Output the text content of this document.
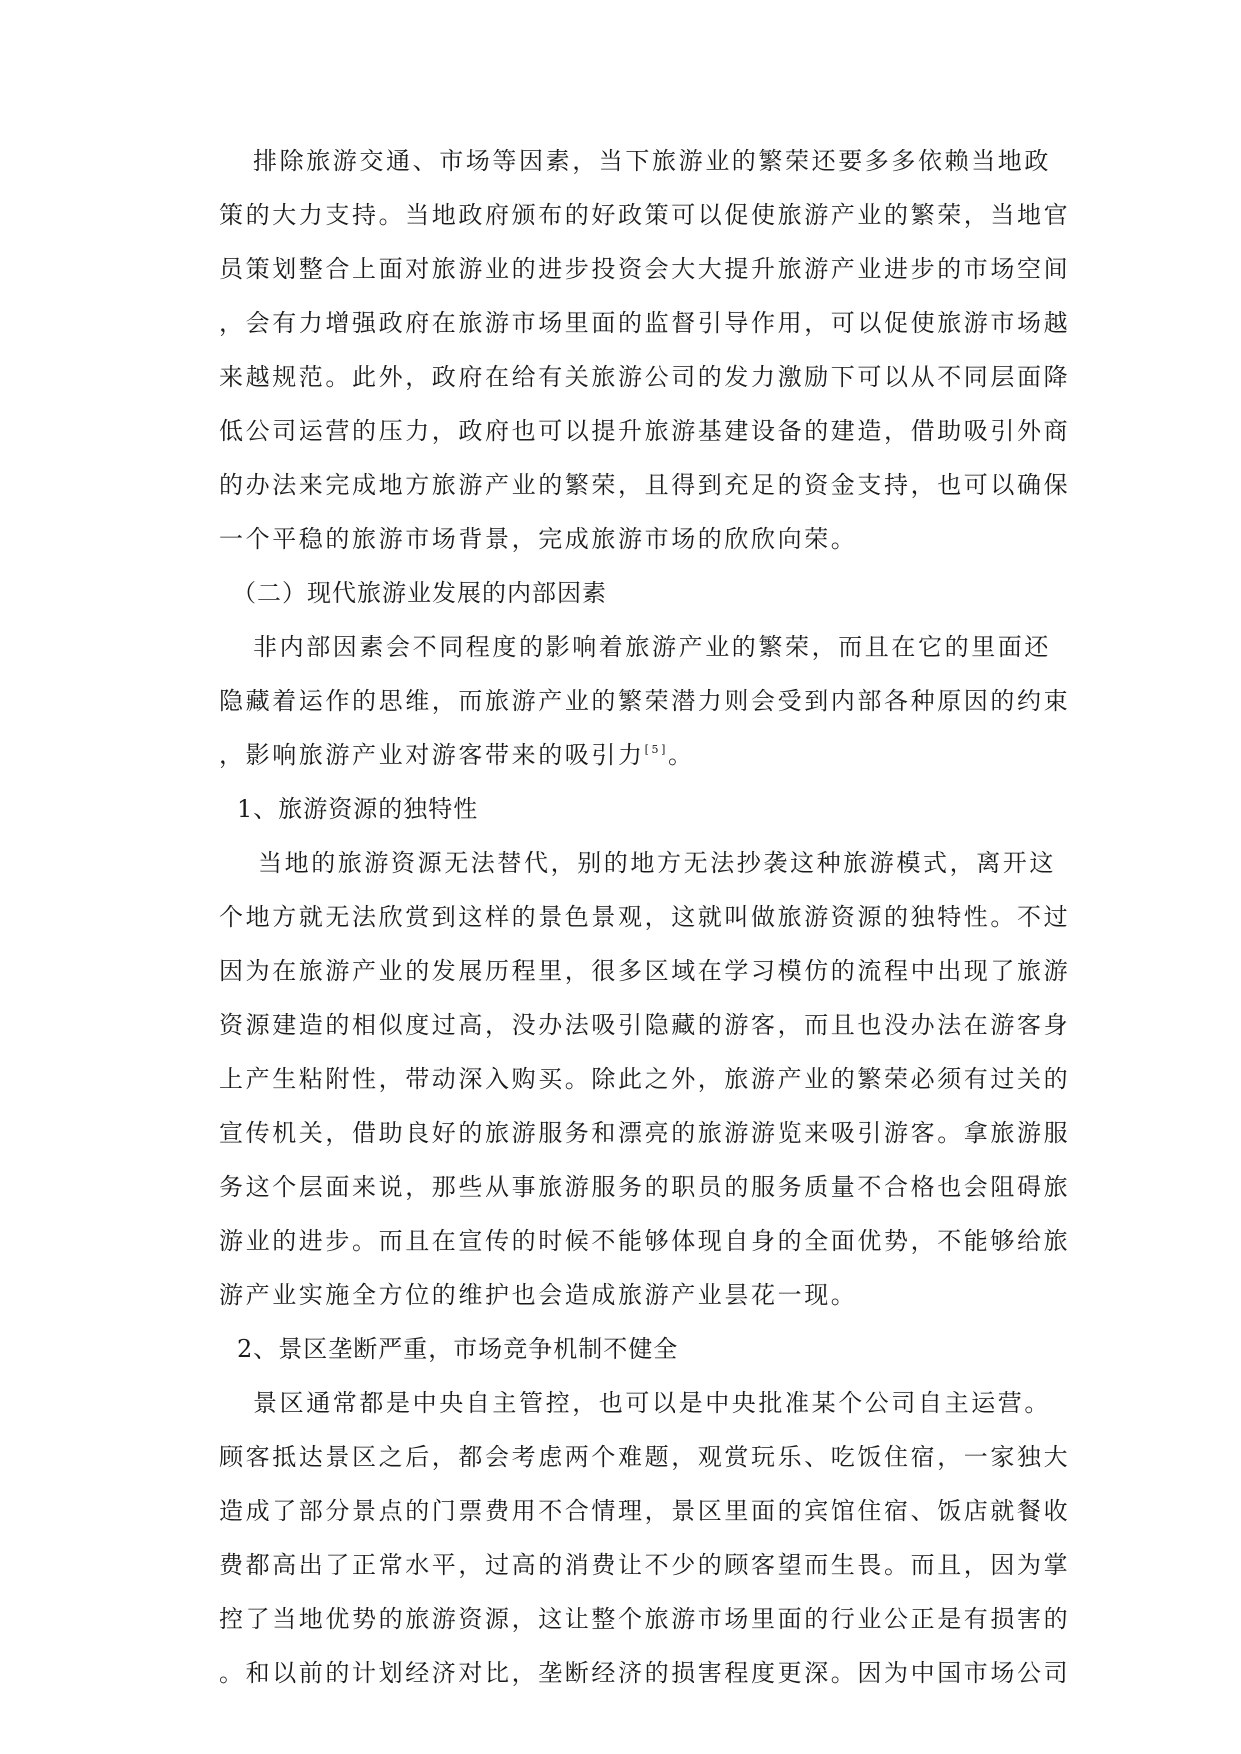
排除旅游交通、市场等因素，当下旅游业的繁荣还要多多依赖当地政

策的大力支持。当地政府颁布的好政策可以促使旅游产业的繁荣，当地官

员策划整合上面对旅游业的进步投资会大大提升旅游产业进步的市场空间

，会有力增强政府在旅游市场里面的监督引导作用，可以促使旅游市场越

来越规范。此外，政府在给有关旅游公司的发力激励下可以从不同层面降

低公司运营的压力，政府也可以提升旅游基建设备的建造，借助吸引外商

的办法来完成地方旅游产业的繁荣，且得到充足的资金支持，也可以确保

一个平稳的旅游市场背景，完成旅游市场的欣欣向荣。

（二）现代旅游业发展的内部因素

非内部因素会不同程度的影响着旅游产业的繁荣，而且在它的里面还

隐藏着运作的思维，而旅游产业的繁荣潜力则会受到内部各种原因的约束

，影响旅游产业对游客带来的吸引力[5]。

1、旅游资源的独特性

当地的旅游资源无法替代，别的地方无法抄袭这种旅游模式，离开这

个地方就无法欣赏到这样的景色景观，这就叫做旅游资源的独特性。不过

因为在旅游产业的发展历程里，很多区域在学习模仿的流程中出现了旅游

资源建造的相似度过高，没办法吸引隐藏的游客，而且也没办法在游客身

上产生粘附性，带动深入购买。除此之外，旅游产业的繁荣必须有过关的

宣传机关，借助良好的旅游服务和漂亮的旅游游览来吸引游客。拿旅游服

务这个层面来说，那些从事旅游服务的职员的服务质量不合格也会阻碍旅

游业的进步。而且在宣传的时候不能够体现自身的全面优势，不能够给旅

游产业实施全方位的维护也会造成旅游产业昙花一现。

2、景区垄断严重，市场竞争机制不健全

景区通常都是中央自主管控，也可以是中央批准某个公司自主运营。

顾客抵达景区之后，都会考虑两个难题，观赏玩乐、吃饭住宿，一家独大

造成了部分景点的门票费用不合情理，景区里面的宾馆住宿、饭店就餐收

费都高出了正常水平，过高的消费让不少的顾客望而生畏。而且，因为掌

控了当地优势的旅游资源，这让整个旅游市场里面的行业公正是有损害的

。和以前的计划经济对比，垄断经济的损害程度更深。因为中国市场公司
